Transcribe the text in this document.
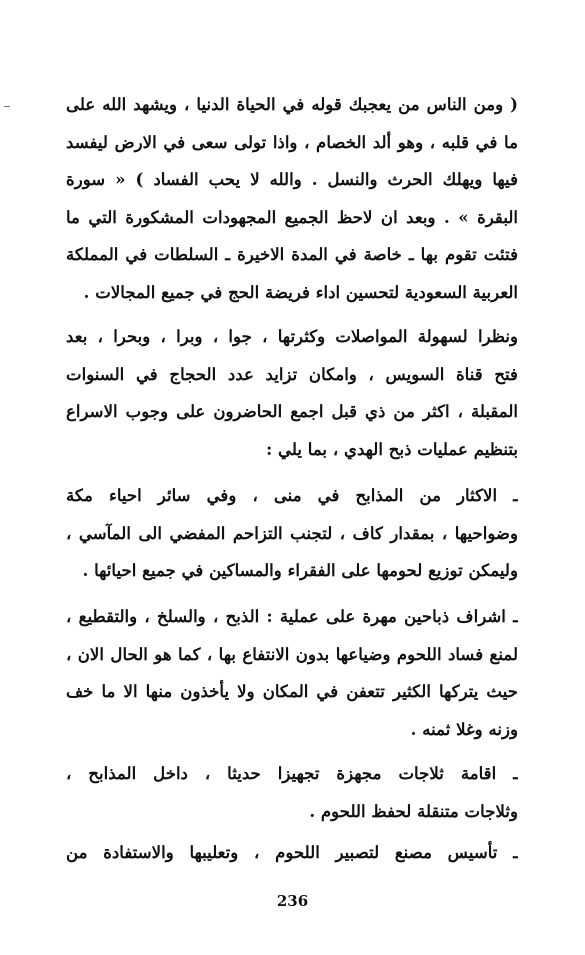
( ومن الناس من يعجبك قوله في الحياة الدنيا ، ويشهد الله على
ما في قلبه ، وهو ألد الخصام ، واذا تولى سعى في الارض ليفسد
فيها ويهلك الحرث والنسل . والله لا يحب الفساد ) « سورة
البقرة » . وبعد ان لاحظ الجميع المجهودات المشكورة التي ما
فتئت تقوم بها ـ خاصة في المدة الاخيرة ـ السلطات في المملكة
العربية السعودية لتحسين اداء فريضة الحج في جميع المجالات .
ونظرا لسهولة المواصلات وكثرتها ، جوا ، وبرا ، وبحرا ، بعد
فتح قناة السويس ، وامكان تزايد عدد الحجاج في السنوات
المقبلة ، اكثر من ذي قبل اجمع الحاضرون على وجوب الاسراع
بتنظيم عمليات ذبح الهدي ، بما يلي :
ـ الاكثار من المذابح في منى ، وفي سائر احياء مكة
وضواحيها ، بمقدار كاف ، لتجنب التزاحم المفضي الى المآسي ،
وليمكن توزيع لحومها على الفقراء والمساكين في جميع احيائها .
ـ اشراف ذباحين مهرة على عملية : الذبح ، والسلخ ، والتقطيع ،
لمنع فساد اللحوم وضياعها بدون الانتفاع بها ، كما هو الحال الان ،
حيث يتركها الكثير تتعفن في المكان ولا يأخذون منها الا ما خف
وزنه وغلا ثمنه .
ـ اقامة ثلاجات مجهزة تجهيزا حديثا ، داخل المذابح ،
وثلاجات متنقلة لحفظ اللحوم .
ـ تأسيس مصنع لتصبير اللحوم ، وتعليبها والاستفادة من
236
